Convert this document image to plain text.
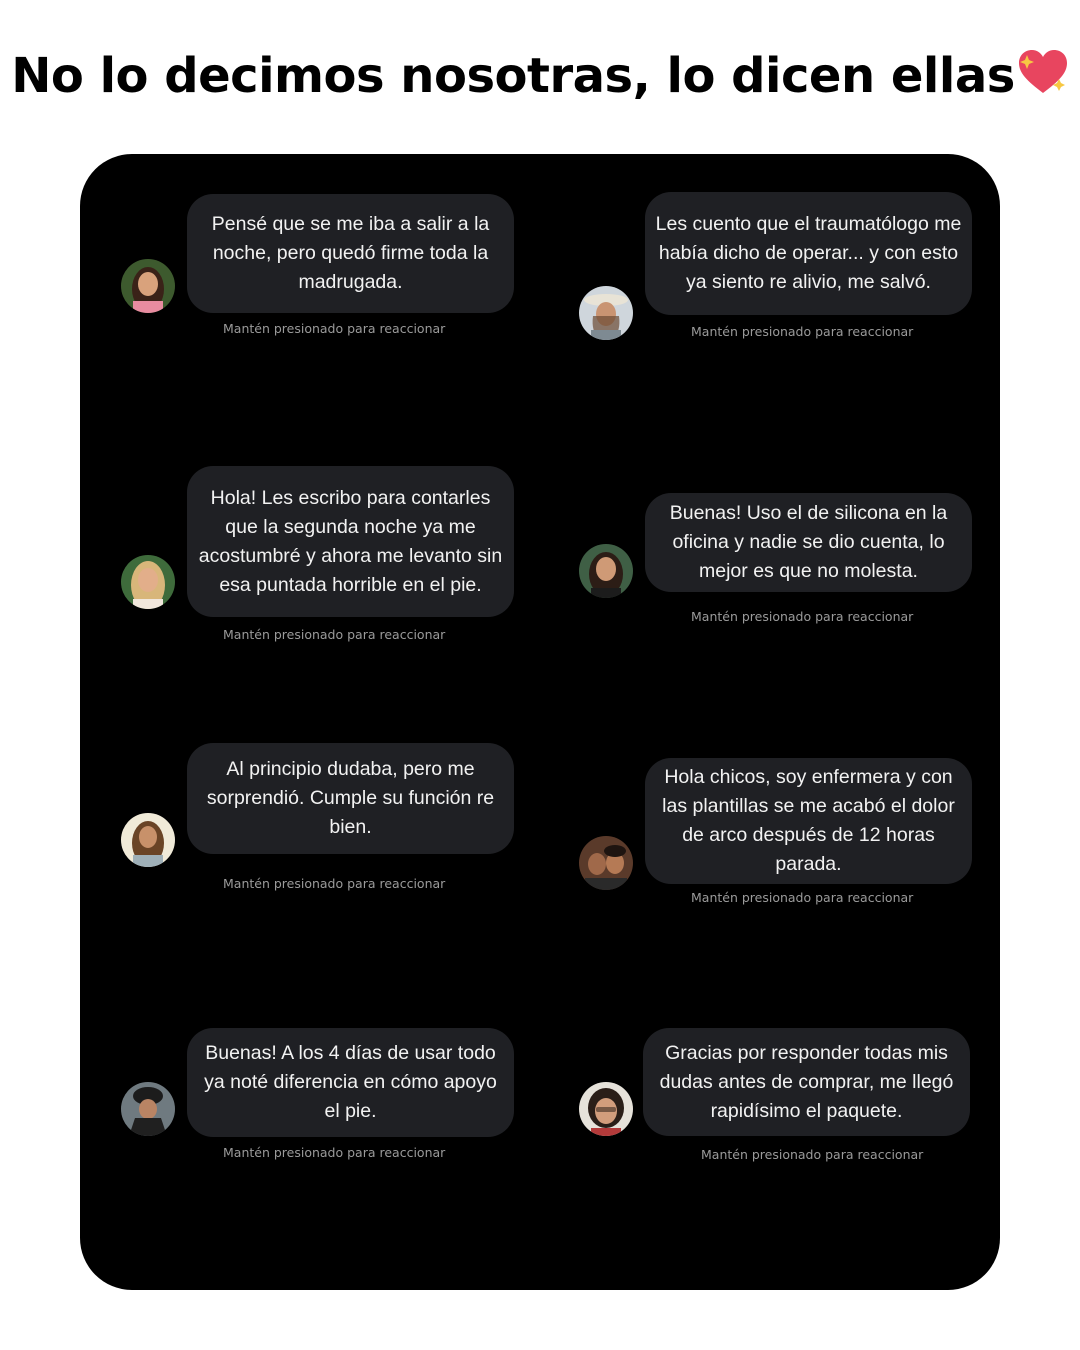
No lo decimos nosotras, lo dicen ellas
Pensé que se me iba a salir a la noche, pero quedó firme toda la madrugada.
Mantén presionado para reaccionar
Les cuento que el traumatólogo me había dicho de operar... y con esto ya siento re alivio, me salvó.
Mantén presionado para reaccionar
Hola! Les escribo para contarles que la segunda noche ya me acostumbré y ahora me levanto sin esa puntada horrible en el pie.
Mantén presionado para reaccionar
Buenas! Uso el de silicona en la oficina y nadie se dio cuenta, lo mejor es que no molesta.
Mantén presionado para reaccionar
Al principio dudaba, pero me sorprendió. Cumple su función re bien.
Mantén presionado para reaccionar
Hola chicos, soy enfermera y con las plantillas se me acabó el dolor de arco después de 12 horas parada.
Mantén presionado para reaccionar
Buenas! A los 4 días de usar todo ya noté diferencia en cómo apoyo el pie.
Mantén presionado para reaccionar
Gracias por responder todas mis dudas antes de comprar, me llegó rapidísimo el paquete.
Mantén presionado para reaccionar
